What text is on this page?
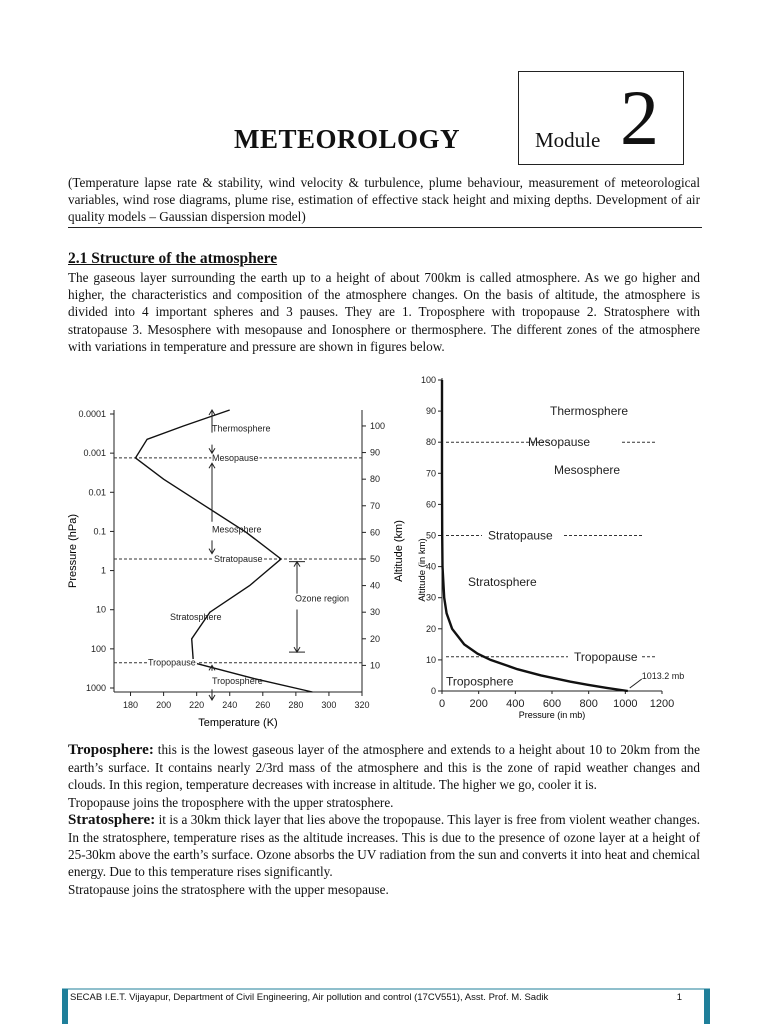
METEOROLOGY	Module 2
(Temperature lapse rate & stability, wind velocity & turbulence, plume behaviour, measurement of meteorological variables, wind rose diagrams, plume rise, estimation of effective stack height and mixing depths. Development of air quality models – Gaussian dispersion model)
2.1 Structure of the atmosphere
The gaseous layer surrounding the earth up to a height of about 700km is called atmosphere. As we go higher and higher, the characteristics and composition of the atmosphere changes. On the basis of altitude, the atmosphere is divided into 4 important spheres and 3 pauses. They are 1. Troposphere with tropopause 2. Stratosphere with stratopause 3. Mesosphere with mesopause and Ionosphere or thermosphere. The different zones of the atmosphere with variations in temperature and pressure are shown in figures below.
180 200 220 240 260 280 300 320
0.0001
0.001
0.01
0.1
1
10
100
1000
10
20
30
40
50
60
70
80
90
100
Thermosphere
Mesopause
Mesosphere
Stratopause
Ozone region
Stratosphere
Tropopause
Troposphere
Temperature (K)
Pressure (hPa)	Altitude (km)
0 200 400 600 800 1000 1200
0
10
20
30
40
50
60
70
80
90
100
Thermosphere
Mesopause
Mesosphere
Stratopause
Stratosphere
Tropopause
Troposphere
Altitude (in km)
Pressure (in mb)
1013.2 mb
Troposphere: this is the lowest gaseous layer of the atmosphere and extends to a height about 10 to 20km from the earth’s surface. It contains nearly 2/3rd mass of the atmosphere and this is the zone of rapid weather changes and clouds. In this region, temperature decreases with increase in altitude. The higher we go, cooler it is.
Tropopause joins the troposphere with the upper stratosphere.
Stratosphere: it is a 30km thick layer that lies above the tropopause. This layer is free from violent weather changes. In the stratosphere, temperature rises as the altitude increases. This is due to the presence of ozone layer at a height of 25-30km above the earth’s surface. Ozone absorbs the UV radiation from the sun and converts it into heat and chemical energy. Due to this temperature rises significantly.
Stratopause joins the stratosphere with the upper mesopause.
SECAB I.E.T. Vijayapur, Department of Civil Engineering, Air pollution and control (17CV551), Asst. Prof. M. Sadik	1
